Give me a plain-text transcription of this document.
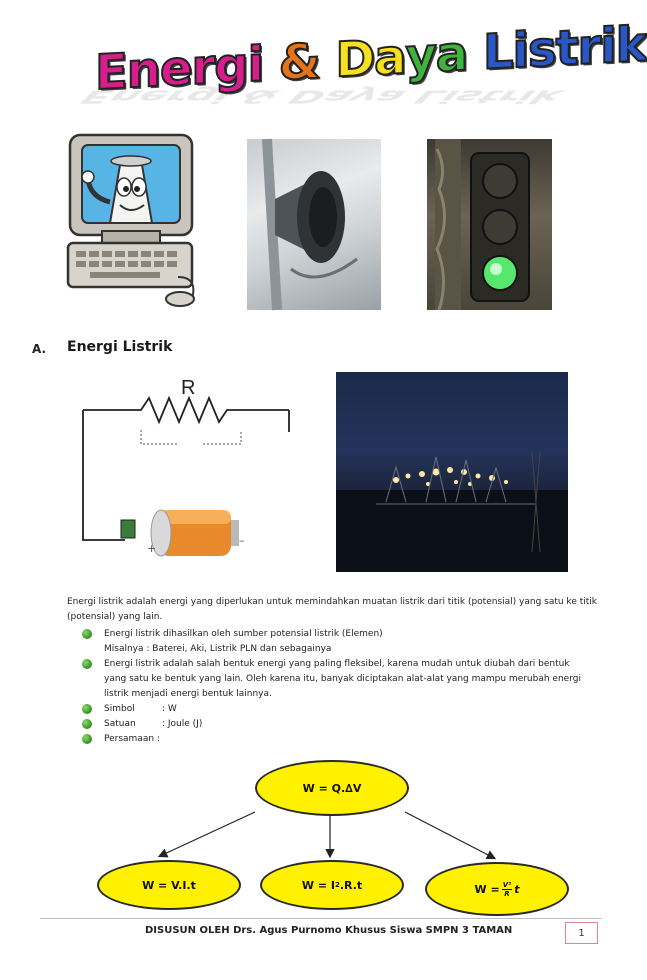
Energi & Daya Listrik
Energi & Daya Listrik
A. Energi Listrik
R
+
–
Energi listrik adalah energi yang diperlukan untuk memindahkan muatan listrik dari titik (potensial) yang satu ke titik (potensial) yang lain.
Energi listrik dihasilkan oleh sumber potensial listrik (Elemen)
Misalnya : Baterei, Aki, Listrik PLN dan sebagainya
Energi listrik adalah salah bentuk energi yang paling fleksibel, karena mudah untuk diubah dari bentuk yang satu ke bentuk yang lain. Oleh karena itu, banyak diciptakan alat-alat yang mampu merubah energi listrik menjadi energi bentuk lainnya.
Simbol	: W
Satuan	: Joule (J)
Persamaan :
W = Q.∆V
W = V.I.t	W = I 2 .R.t	$W = \frac{\text{V²}}{R}$ t
DISUSUN OLEH Drs. Agus Purnomo Khusus Siswa SMPN 3 TAMAN	1
